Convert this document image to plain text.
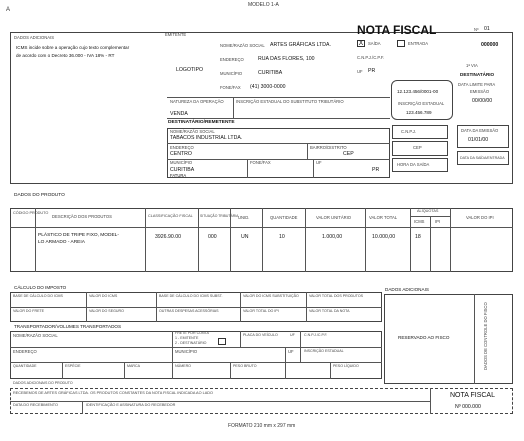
MODELO 1-A
A
DADOS ADICIONAIS
ICMS incide sobre a operação cujo texto complementar
de acordo com o Decreto 36.000 - IVA 18% - RT
EMITENTE
LOGOTIPO
NOME/RAZÃO SOCIAL ARTES GRÁFICAS LTDA.
ENDEREÇO	RUA DAS FLORES, 100
MUNICÍPIO	CURITIBA
FONE/FAX (41) 3000-0000
NOTA FISCAL	Nº 01
X	SAÍDA	ENTRADA	000000
C.N.P.J./C.P.F.
UF PR
1ª VIA
DESTINATÁRIO
DATA LIMITE PARA
EMISSÃO
00/00/00
12.123.456/0001-00
INSCRIÇÃO ESTADUAL
123.456.789
NATUREZA DA OPERAÇÃO
VENDA
INSCRIÇÃO ESTADUAL DO SUBSTITUTO TRIBUTÁRIO
DESTINATÁRIO/REMETENTE
NOME/RAZÃO SOCIAL
TABACOS INDUSTRIAL LTDA.
ENDEREÇO
CENTRO
BAIRRO/DISTRITO
CEP
MUNICÍPIO
CURITIBA
FONE/FAX	UF
PR
FATURA
C.N.P.J.
CEP
HORA DA SAÍDA
DATA DA EMISSÃO
01/01/00
DATA DA SAÍDA/ENTRADA
DADOS DO PRODUTO
CÓDIGO PRODUTO
DESCRIÇÃO DOS PRODUTOS	CLASSIFICAÇÃO FISCAL SITUAÇÃO TRIBUTÁRIA UNID.	QUANTIDADE	VALOR UNITÁRIO	VALOR TOTAL
ALÍQUOTAS
ICMS	IPI
VALOR DO IPI
PLÁSTICO DE TRIPE FIXO, MODEL-
LO ARMADO - AREIA
3926.90.00	000	UN	10	1.000,00	10.000,00	18
CÁLCULO DO IMPOSTO
BASE DE CÁLCULO DO ICMS	VALOR DO ICMS	BASE DE CÁLCULO DO ICMS SUBST.	VALOR DO ICMS SUBSTITUIÇÃO	VALOR TOTAL DOS PRODUTOS
VALOR DO FRETE	VALOR DO SEGURO	OUTRAS DESPESAS ACESSÓRIAS	VALOR TOTAL DO IPI	VALOR TOTAL DA NOTA
TRANSPORTADOR/VOLUMES TRANSPORTADOS
NOME/RAZÃO SOCIAL	FRETE POR CONTA
1 - EMITENTE
2 - DESTINATÁRIO
PLACA DO VEÍCULO	UF	C.N.P.J./C.P.F.
ENDEREÇO	MUNICÍPIO	UF	INSCRIÇÃO ESTADUAL
QUANTIDADE	ESPÉCIE	MARCA	NÚMERO	PESO BRUTO	PESO LÍQUIDO
DADOS ADICIONAIS DO PRODUTO
DADOS ADICIONAIS
RESERVADO AO FISCO	DADOS DE CONTROLE DO FISCO
RECEBEMOS DE ARTES GRÁFICAS LTDA. OS PRODUTOS CONSTANTES DA NOTA FISCAL INDICADA AO LADO
DATA DO RECEBIMENTO	IDENTIFICAÇÃO E ASSINATURA DO RECEBEDOR
NOTA FISCAL
Nº 000.000
FORMATO 210 mm x 297 mm
